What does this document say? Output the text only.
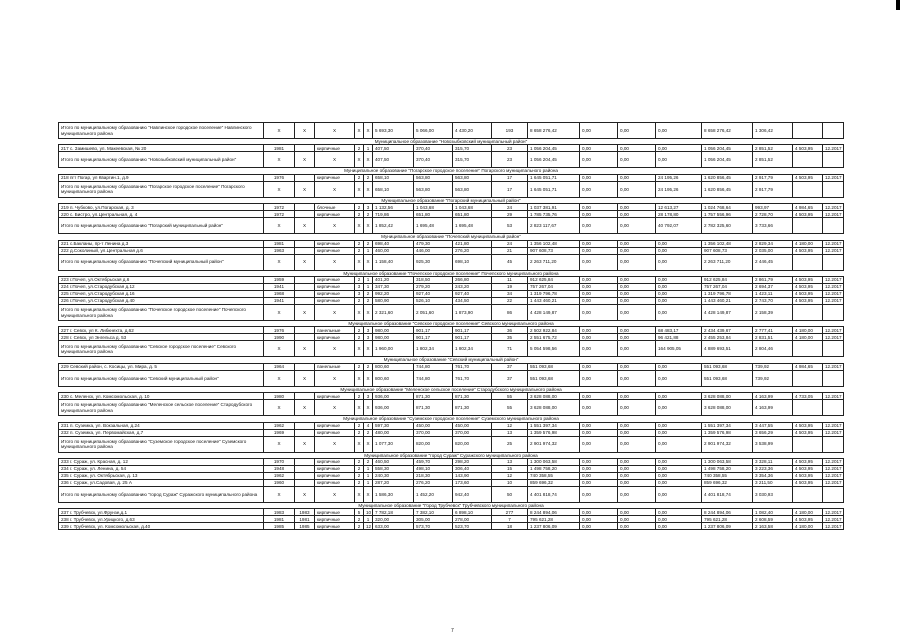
Итого по муниципальному образованию "Навлинское городское поселение" Навлинского муниципального района	X	X	X	X	X	5 693,30	5 066,00	4 430,20	193	8 658 276,42	0,00	0,00	0,00	8 658 276,42	1 306,42		
Муниципальное образование "Новозыбковский муниципальный район"																	
217 с. Замишево, ул. Макеевская, № 20	1981		кирпичные	2	1	407,50	370,40	315,70	23	1 056 204,45	0,00	0,00	0,00	1 056 204,45	2 851,52	4 503,95	12.2017
Итого по муниципальному образованию "Новозыбковский муниципальный район"	X	X	X	X	X	407,50	370,40	315,70	23	1 056 204,45	0,00	0,00	0,00	1 056 204,45	2 851,52		
Муниципальное образование "Погарское городское поселение" Погарского муниципального района																	
218 пгт Погар, ул Кваргин.1, д.9	1976		кирпичные	2	2	658,10	563,80	563,80	17	1 645 051,71	0,00	0,00	24 195,26	1 620 856,45	2 917,79	4 503,95	12.2017
Итого по муниципальному образованию "Погарское городское поселение" Погарского муниципального района	X	X	X	X	X	658,10	563,80	563,80	17	1 645 051,71	0,00	0,00	24 195,26	1 620 856,45	2 917,79		
Муниципальное образование "Погарский муниципальный район"																	
219 п. Чубково, ул.Погарская, д. 3	1972		блочные	2	3	1 132,56	1 043,68	1 043,68	24	1 037 381,91	0,00	0,00	12 613,27	1 024 768,64	993,97	4 984,65	12.2017
220 с. Бистро, ул.Центральная, д. 4	1972		кирпичные	2	2	719,86	651,80	651,80	29	1 785 735,76	0,00	0,00	28 178,80	1 757 556,96	2 728,70	4 503,95	12.2017
Итого по муниципальному образованию "Погарский муниципальный район"	X	X	X	X	X	1 852,42	1 695,48	1 695,48	53	2 823 117,67	0,00	0,00	40 792,07	2 782 325,60	3 733,66		
Муниципальное образование "Почепский муниципальный район"																	
221 с.Бакланы, пр-т Ленина д.3	1981		кирпичные	2	2	698,40	479,30	421,80	24	1 356 102,48	0,00	0,00	0,00	1 356 102,48	2 829,34	4 180,00	12.2017
222 д.Соколиный, ул.Центральная д.6	1963		кирпичные	2	1	460,00	446,00	276,20	21	907 608,73	0,00	0,00	0,00	907 608,73	2 035,00	4 503,95	12.2017
Итого по муниципальному образованию "Почепский муниципальный район"	X	X	X	X	X	1 158,40	925,30	698,10	45	2 263 711,20	0,00	0,00	0,00	2 263 711,20	2 446,45		
Муниципальное образование "Почепское городское поселение" Почепского муниципального района																	
223 г.Почеп, ул.Октябрьская д.6	1959		кирпичные	2	1	401,20	318,50	266,80	11	912 625,84	0,00	0,00	0,00	912 625,84	2 861,79	4 503,95	12.2017
224 г.Почеп, ул.Стародубская д.12	1941		кирпичные	3	1	347,30	279,20	243,20	19	757 267,04	0,00	0,00	0,00	757 267,04	2 694,37	4 503,95	12.2017
225 г.Почеп, ул.Стародубская д.16	1968		кирпичные	3	2	992,20	927,40	927,40	34	1 319 796,78	0,00	0,00	0,00	1 319 796,78	1 423,11	4 503,95	12.2017
226 г.Почеп, ул.Стародубская д.40	1941		кирпичные	2	2	580,90	526,10	434,50	22	1 443 460,21	0,00	0,00	0,00	1 443 460,21	2 743,70	4 503,95	12.2017
Итого по муниципальному образованию "Почепское городское поселение" Почепского муниципального района	X	X	X	X	X	2 321,60	2 051,60	1 873,90	86	4 428 149,87	0,00	0,00	0,00	4 428 149,87	2 158,39		
Муниципальное образование "Севское городское поселение" Севского муниципального района																	
227 г. Севск, ул К. Либкнехта, д.62	1976		панельные	2	3	980,00	901,17	901,17	36	2 502 922,84	0,00	0,00	68 483,17	2 434 439,67	2 777,41	4 180,00	12.2017
228 г. Севск, ул Энгельса д. 53	1990		кирпичные	2	3	980,00	901,17	901,17	35	2 551 675,72	0,00	0,00	96 421,88	2 455 253,84	2 831,51	4 180,00	12.2017
Итого по муниципальному образованию "Севское городское поселение" Севского муниципального района	X	X	X	X	X	1 960,00	1 802,34	1 802,34	71	5 054 598,56	0,00	0,00	164 905,05	4 889 693,51	2 804,46		
Муниципальное образование "Севский муниципальный район"																	
229 Севский район, с. Косицы, ул. Мира, д. 5	1964		панельные	2	2	800,60	744,80	761,70	37	551 093,68	0,00	0,00	0,00	551 093,68	739,92	4 984,65	12.2017
Итого по муниципальному образованию "Севский муниципальный район"	X	X	X	X	X	800,60	744,80	761,70	37	551 093,68	0,00	0,00	0,00	551 093,68	739,92		
Муниципальное образование "Меленское сельское поселение" Стародубского муниципального района																	
230 с. Меленск, ул. Комсомольская, д. 10	1980		кирпичные	2	3	936,00	871,30	871,30	55	3 628 088,00	0,00	0,00	0,00	3 628 088,00	4 163,99	4 733,05	12.2017
Итого по муниципальному образованию "Меленское сельское поселение" Стародубского муниципального района	X	X	X	X	X	936,00	871,30	871,30	55	3 628 088,00	0,00	0,00	0,00	3 628 088,00	4 163,99		
Муниципальное образование "Суземское городское поселение" Суземского муниципального района																	
231 п. Суземка, ул. Вокзальная, д.24	1962		кирпичные	2	4	597,30	450,00	450,00	12	1 551 397,34	0,00	0,00	0,00	1 551 397,34	3 447,55	4 503,95	12.2017
232 п. Суземка, ул. Первомайская, д.7	1969		кирпичные	2	2	480,00	370,00	370,00	13	1 359 576,98	0,00	0,00	0,00	1 359 576,98	3 656,29	4 503,95	12.2017
Итого по муниципальному образованию "Суземское городское поселение" Суземского муниципального района	X	X	X	X	X	1 077,30	820,00	820,00	25	2 901 974,32	0,00	0,00	0,00	2 901 974,32	3 538,99		
Муниципальное образование "город Сураж" Суражского муниципального района																	
233 г. Сураж, ул. Красная, д. 12	1970		кирпичные	2	2	460,50	459,70	298,20	13	1 300 063,58	0,00	0,00	0,00	1 300 063,58	3 328,11	4 503,95	12.2017
234 г. Сураж, ул. Ленина, д. 54	1948		кирпичные	2	1	558,30	498,10	306,40	15	1 498 758,20	0,00	0,00	0,00	1 498 758,20	3 223,36	4 503,95	12.2017
235 г. Сураж, ул. Октябрьская, д. 13	1962		кирпичные	2	1	240,30	218,30	143,90	12	740 358,55	0,00	0,00	0,00	740 358,55	3 354,36	4 503,95	12.2017
236 г. Сураж, ул.Садовая, д. 25 А	1960		кирпичные	2	1	287,20	276,20	173,60	10	859 696,32	0,00	0,00	0,00	859 696,32	3 211,50	4 503,95	12.2017
Итого по муниципальному образованию "город Сураж" Суражского муниципального района	X	X	X	X	X	1 586,30	1 452,20	942,40	50	4 401 818,74	0,00	0,00	0,00	4 401 818,74	3 030,93		
Муниципальное образование "Город Трубчевск" Трубчевского муниципального района																	
237 г. Трубчевск, ул.Фрунзе,д.1	1983	1983	кирпичные	5	10	7 782,18	7 382,10	6 898,10	277	8 244 894,06	0,00	0,00	0,00	8 244 894,06	1 082,40	4 180,00	12.2017
238 г. Трубчевск, ул.Урицкого, д.63	1981	1981	кирпичные	2	1	320,00	305,00	278,00	7	795 621,28	0,00	0,00	0,00	795 621,28	2 608,59	4 503,95	12.2017
239 г. Трубчевск, ул. Комсомольская, д.40	1985	1985	кирпичные	2	12	633,00	573,70	523,70	18	1 237 806,09	0,00	0,00	0,00	1 237 806,09	2 163,58	4 180,00	12.2017
7
